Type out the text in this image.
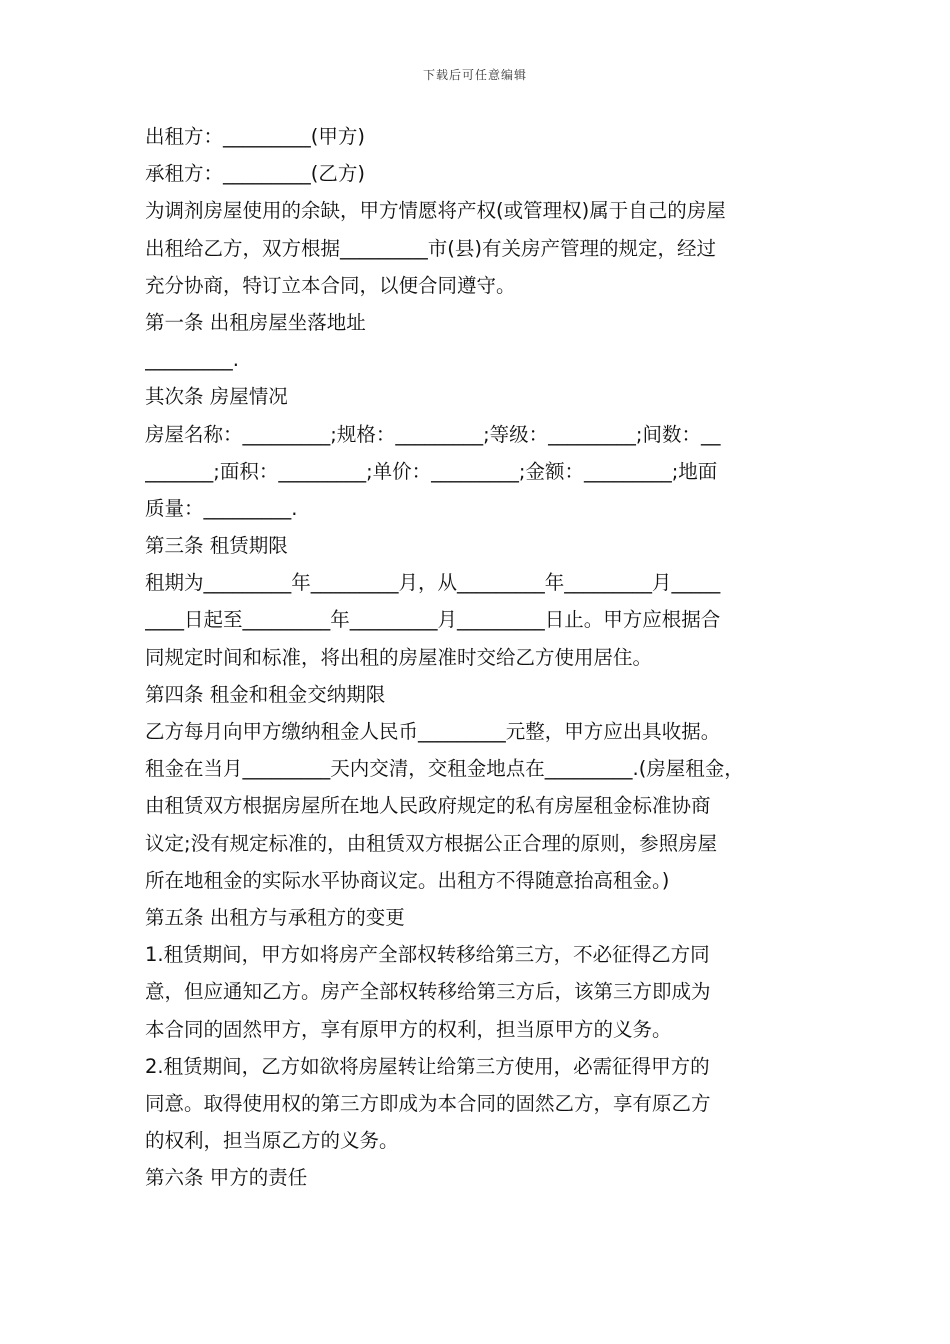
下载后可任意编辑
出租方：_________(甲方)
承租方：_________(乙方)
为调剂房屋使用的余缺，甲方情愿将产权(或管理权)属于自己的房屋
出租给乙方，双方根据_________市(县)有关房产管理的规定，经过
充分协商，特订立本合同，以便合同遵守。
第一条 出租房屋坐落地址
_________.
其次条 房屋情况
房屋名称：_________;规格：_________;等级：_________;间数：__
_______;面积：_________;单价：_________;金额：_________;地面
质量：_________.
第三条 租赁期限
租期为_________年_________月，从_________年_________月_____
____日起至_________年_________月_________日止。甲方应根据合
同规定时间和标准，将出租的房屋准时交给乙方使用居住。
第四条 租金和租金交纳期限
乙方每月向甲方缴纳租金人民币_________元整，甲方应出具收据。
租金在当月_________天内交清，交租金地点在_________.(房屋租金，
由租赁双方根据房屋所在地人民政府规定的私有房屋租金标准协商
议定;没有规定标准的，由租赁双方根据公正合理的原则，参照房屋
所在地租金的实际水平协商议定。出租方不得随意抬高租金。)
第五条 出租方与承租方的变更
1.租赁期间，甲方如将房产全部权转移给第三方，不必征得乙方同
意，但应通知乙方。房产全部权转移给第三方后，该第三方即成为
本合同的固然甲方，享有原甲方的权利，担当原甲方的义务。
2.租赁期间，乙方如欲将房屋转让给第三方使用，必需征得甲方的
同意。取得使用权的第三方即成为本合同的固然乙方，享有原乙方
的权利，担当原乙方的义务。
第六条 甲方的责任
